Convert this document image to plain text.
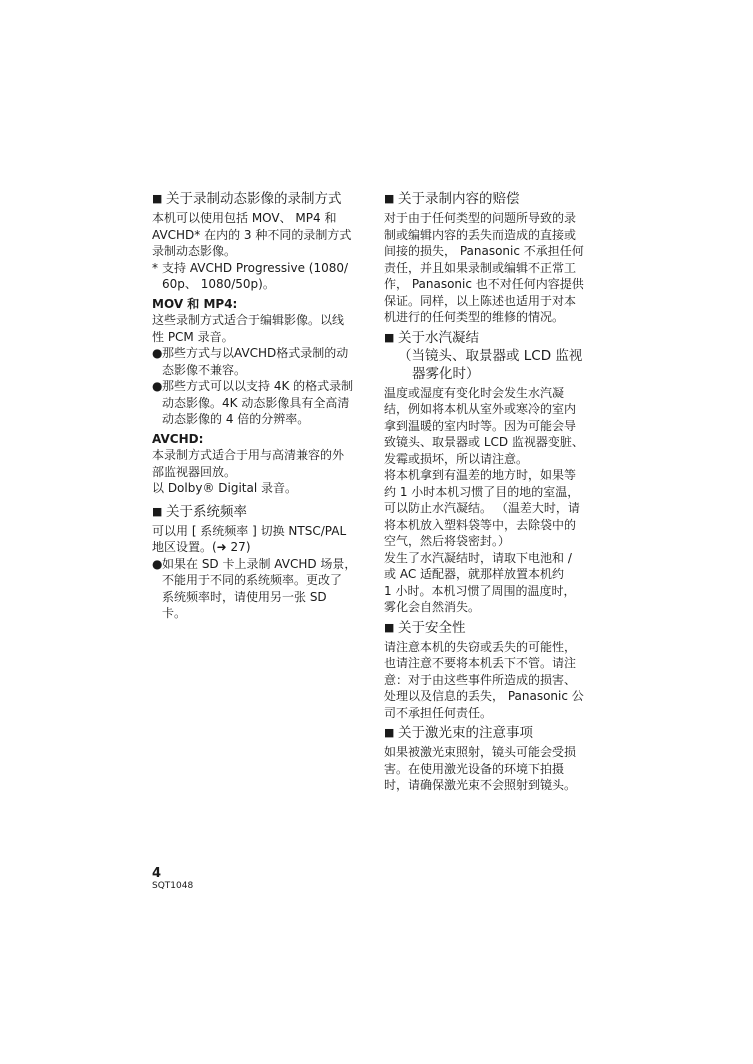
■ 关于录制动态影像的录制方式
本机可以使用包括 MOV、 MP4 和
AVCHD* 在内的 3 种不同的录制方式
录制动态影像。
* 支持 AVCHD Progressive (1080/
60p、 1080/50p)。
MOV 和 MP4:
这些录制方式适合于编辑影像。以线
性 PCM 录音。
● 那些方式与以AVCHD格式录制的动
态影像不兼容。
● 那些方式可以以支持 4K 的格式录制
动态影像。4K 动态影像具有全高清
动态影像的 4 倍的分辨率。
AVCHD:
本录制方式适合于用与高清兼容的外
部监视器回放。
以 Dolby® Digital 录音。
■ 关于系统频率
可以用 [ 系统频率 ] 切换 NTSC/PAL
地区设置。(➜ 27)
● 如果在 SD 卡上录制 AVCHD 场景，
不能用于不同的系统频率。更改了
系统频率时，请使用另一张 SD
卡。
■ 关于录制内容的赔偿
对于由于任何类型的问题所导致的录
制或编辑内容的丢失而造成的直接或
间接的损失， Panasonic 不承担任何
责任，并且如果录制或编辑不正常工
作， Panasonic 也不对任何内容提供
保证。同样，以上陈述也适用于对本
机进行的任何类型的维修的情况。
■ 关于水汽凝结
（当镜头、取景器或 LCD 监视
器雾化时）
温度或湿度有变化时会发生水汽凝
结，例如将本机从室外或寒冷的室内
拿到温暖的室内时等。因为可能会导
致镜头、取景器或 LCD 监视器变脏、
发霉或损坏，所以请注意。
将本机拿到有温差的地方时，如果等
约 1 小时本机习惯了目的地的室温，
可以防止水汽凝结。 （温差大时，请
将本机放入塑料袋等中，去除袋中的
空气，然后将袋密封。）
发生了水汽凝结时，请取下电池和 /
或 AC 适配器，就那样放置本机约
1 小时。本机习惯了周围的温度时，
雾化会自然消失。
■ 关于安全性
请注意本机的失窃或丢失的可能性，
也请注意不要将本机丢下不管。请注
意：对于由这些事件所造成的损害、
处理以及信息的丢失， Panasonic 公
司不承担任何责任。
■ 关于激光束的注意事项
如果被激光束照射，镜头可能会受损
害。在使用激光设备的环境下拍摄
时，请确保激光束不会照射到镜头。
4
SQT1048
